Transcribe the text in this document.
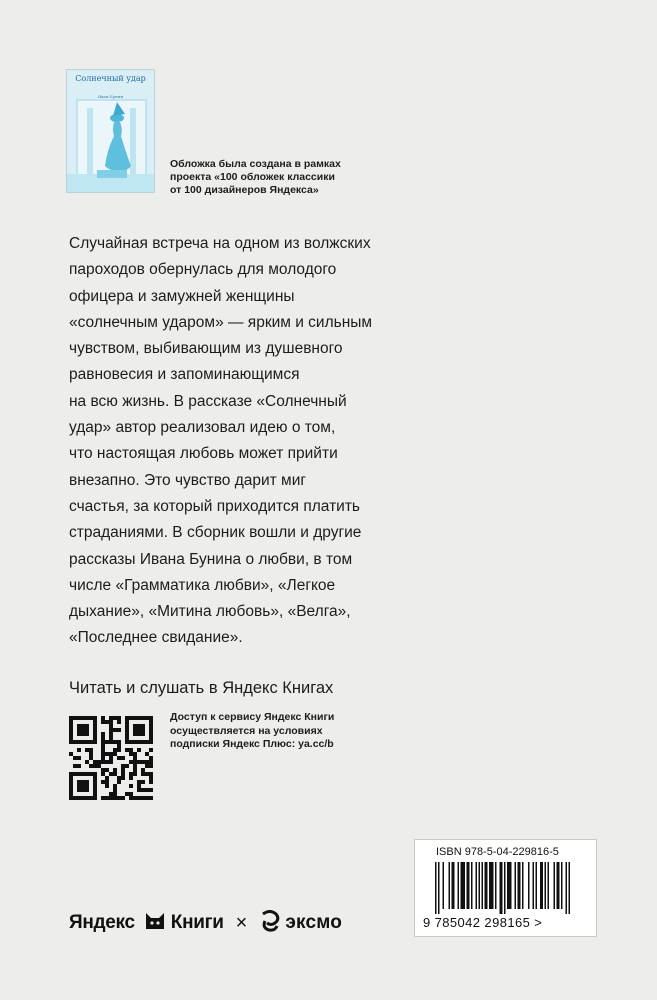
Солнечный удар
Иван Бунин
Обложка была создана в рамках
проекта «100 обложек классики
от 100 дизайнеров Яндекса»
Случайная встреча на одном из волжских
пароходов обернулась для молодого
офицера и замужней женщины
«солнечным ударом» — ярким и сильным
чувством, выбивающим из душевного
равновесия и запоминающимся
на всю жизнь. В рассказе «Солнечный
удар» автор реализовал идею о том,
что настоящая любовь может прийти
внезапно. Это чувство дарит миг
счастья, за который приходится платить
страданиями. В сборник вошли и другие
рассказы Ивана Бунина о любви, в том
числе «Грамматика любви», «Легкое
дыхание», «Митина любовь», «Велга»,
«Последнее свидание».
Читать и слушать в Яндекс Книгах
Доступ к сервису Яндекс Книги
осуществляется на условиях
подписки Яндекс Плюс: ya.cc/b
ISBN 978-5-04-229816-5
9 785042 298165 >
Яндекс Книги × эксмо
